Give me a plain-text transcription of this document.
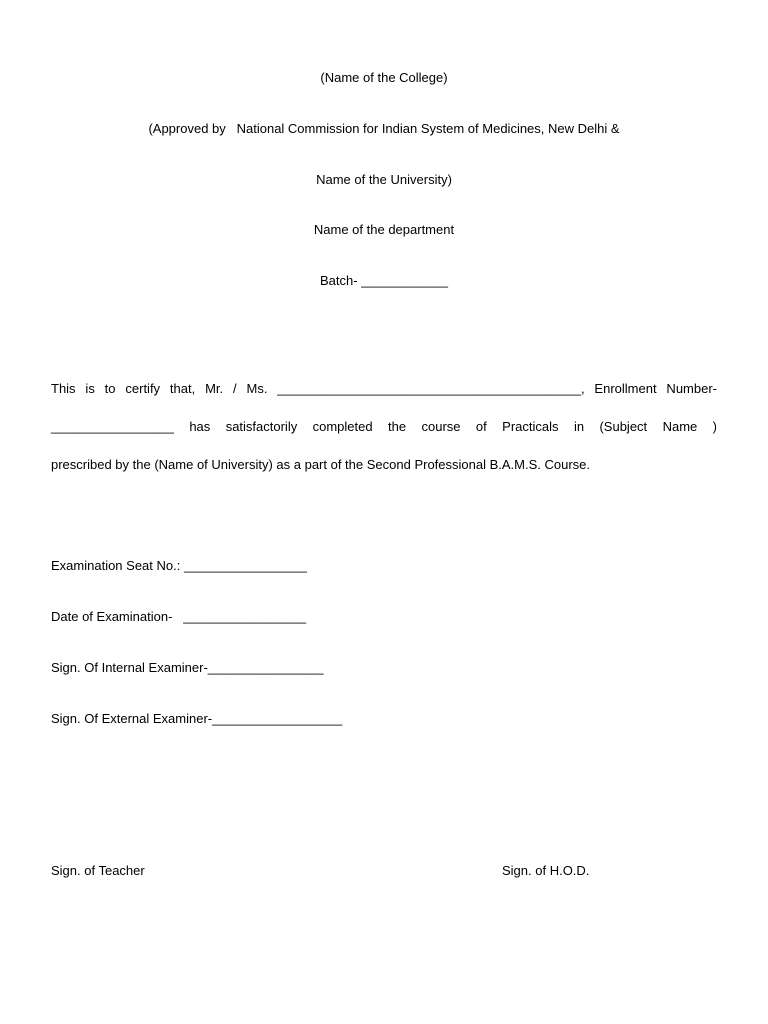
(Name of the College)
(Approved by   National Commission for Indian System of Medicines, New Delhi &
Name of the University)
Name of the department
Batch- ____________
This is to certify that, Mr. / Ms. __________________________________________, Enrollment Number-
_________________ has satisfactorily completed the course of Practicals in (Subject Name )
prescribed by the (Name of University) as a part of the Second Professional B.A.M.S. Course.
Examination Seat No.: _________________
Date of Examination-   _________________
Sign. Of Internal Examiner-________________
Sign. Of External Examiner-__________________
Sign. of Teacher	Sign. of H.O.D.
